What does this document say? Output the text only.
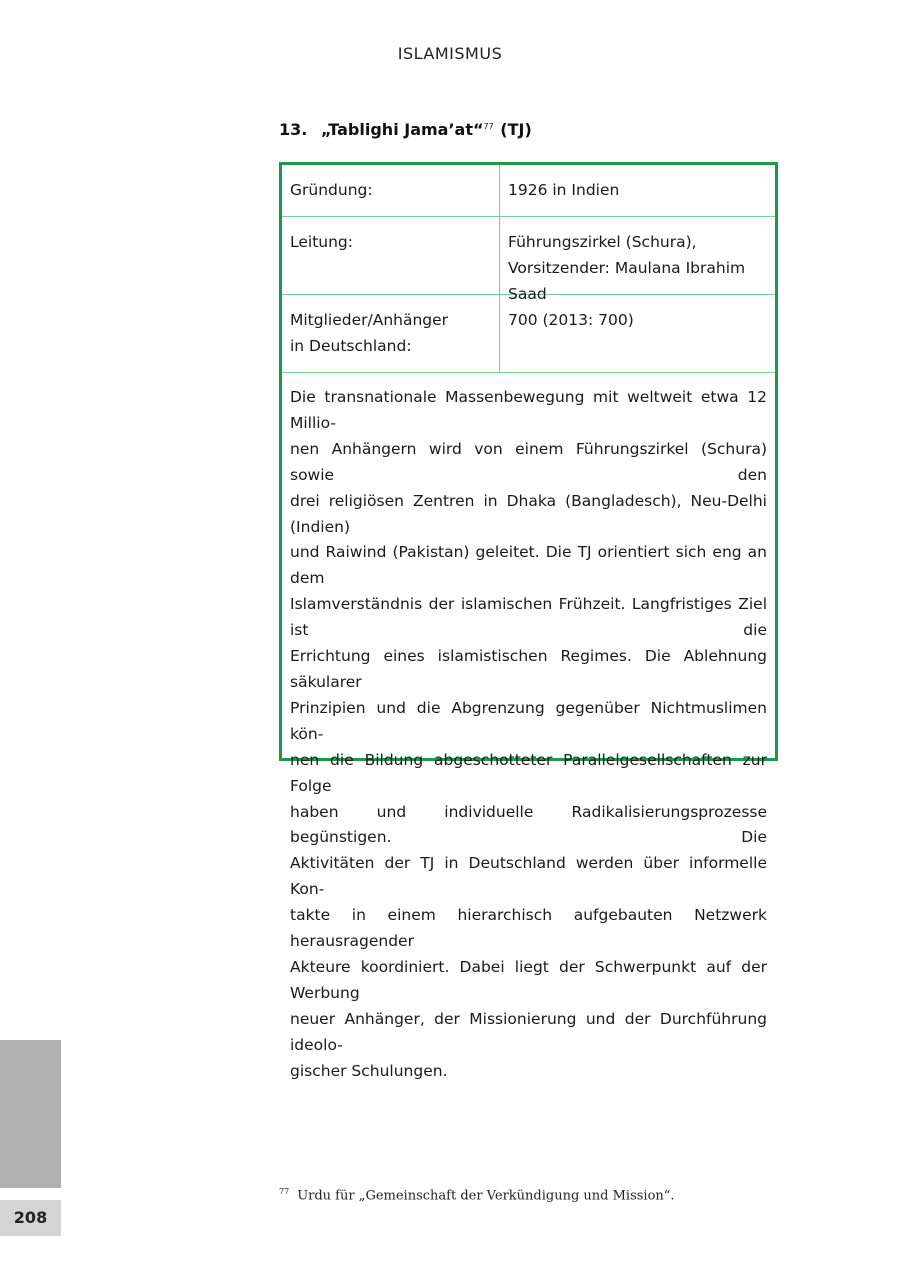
ISLAMISMUS
13. „Tablighi Jama’at“$^{77}$ (TJ)
Gründung:	1926 in Indien
Leitung:	Führungszirkel (Schura),
Vorsitzender: Maulana Ibrahim Saad
Mitglieder/Anhänger
in Deutschland:
700 (2013: 700)
Die transnationale Massenbewegung mit weltweit etwa 12 Millio-
nen Anhängern wird von einem Führungszirkel (Schura) sowie den
drei religiösen Zentren in Dhaka (Bangladesch), Neu-Delhi (Indien)
und Raiwind (Pakistan) geleitet. Die TJ orientiert sich eng an dem
Islamverständnis der islamischen Frühzeit. Langfristiges Ziel ist die
Errichtung eines islamistischen Regimes. Die Ablehnung säkularer
Prinzipien und die Abgrenzung gegenüber Nichtmuslimen kön-
nen die Bildung abgeschotteter Parallelgesellschaften zur Folge
haben und individuelle Radikalisierungsprozesse begünstigen. Die
Aktivitäten der TJ in Deutschland werden über informelle Kon-
takte in einem hierarchisch aufgebauten Netzwerk herausragender
Akteure koordiniert. Dabei liegt der Schwerpunkt auf der Werbung
neuer Anhänger, der Missionierung und der Durchführung ideolo-
gischer Schulungen.
$^{77}$ Urdu für „Gemeinschaft der Verkündigung und Mission“.
208
